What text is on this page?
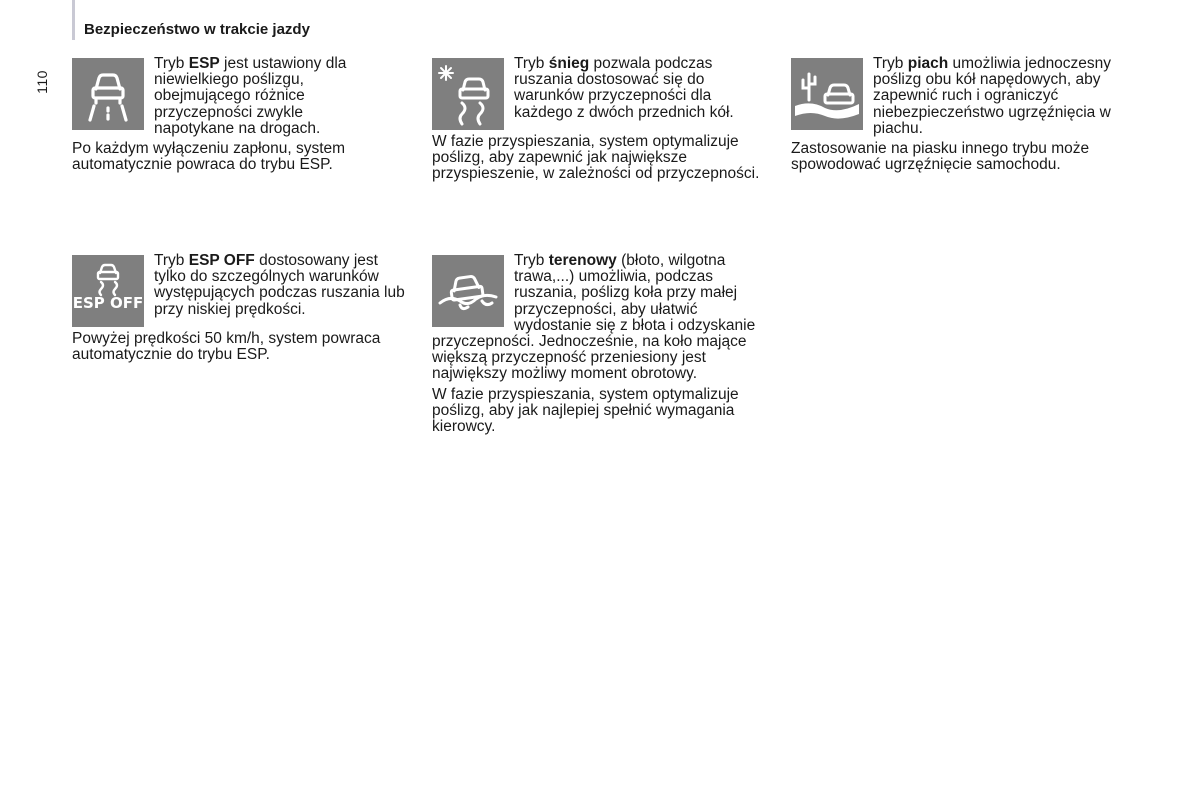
110
Bezpieczeństwo w trakcie jazdy
Tryb ESP jest ustawiony dla niewielkiego poślizgu, obejmującego różnice przyczepności zwykle napotykane na drogach.

Po każdym wyłączeniu zapłonu, system automatycznie powraca do trybu ESP.

Tryb śnieg pozwala podczas ruszania dostosować się do warunków przyczepności dla każdego z dwóch przednich kół.

W fazie przyspieszania, system optymalizuje poślizg, aby zapewnić jak największe przyspieszenie, w zależności od przyczepności.

Tryb piach umożliwia jednoczesny poślizg obu kół napędowych, aby zapewnić ruch i ograniczyć niebezpieczeństwo ugrzęźnięcia w piachu.

Zastosowanie na piasku innego trybu może spowodować ugrzęźnięcie samochodu.

ESP OFF
Tryb ESP OFF dostosowany jest tylko do szczególnych warunków występujących podczas ruszania lub przy niskiej prędkości.

Powyżej prędkości 50 km/h, system powraca automatycznie do trybu ESP.

Tryb terenowy (błoto, wilgotna trawa,...) umożliwia, podczas ruszania, poślizg koła przy małej przyczepności, aby ułatwić wydostanie się z błota i odzyskanie przyczepności. Jednocześnie, na koło mające większą przyczepność przeniesiony jest największy możliwy moment obrotowy.

W fazie przyspieszania, system optymalizuje poślizg, aby jak najlepiej spełnić wymagania kierowcy.
